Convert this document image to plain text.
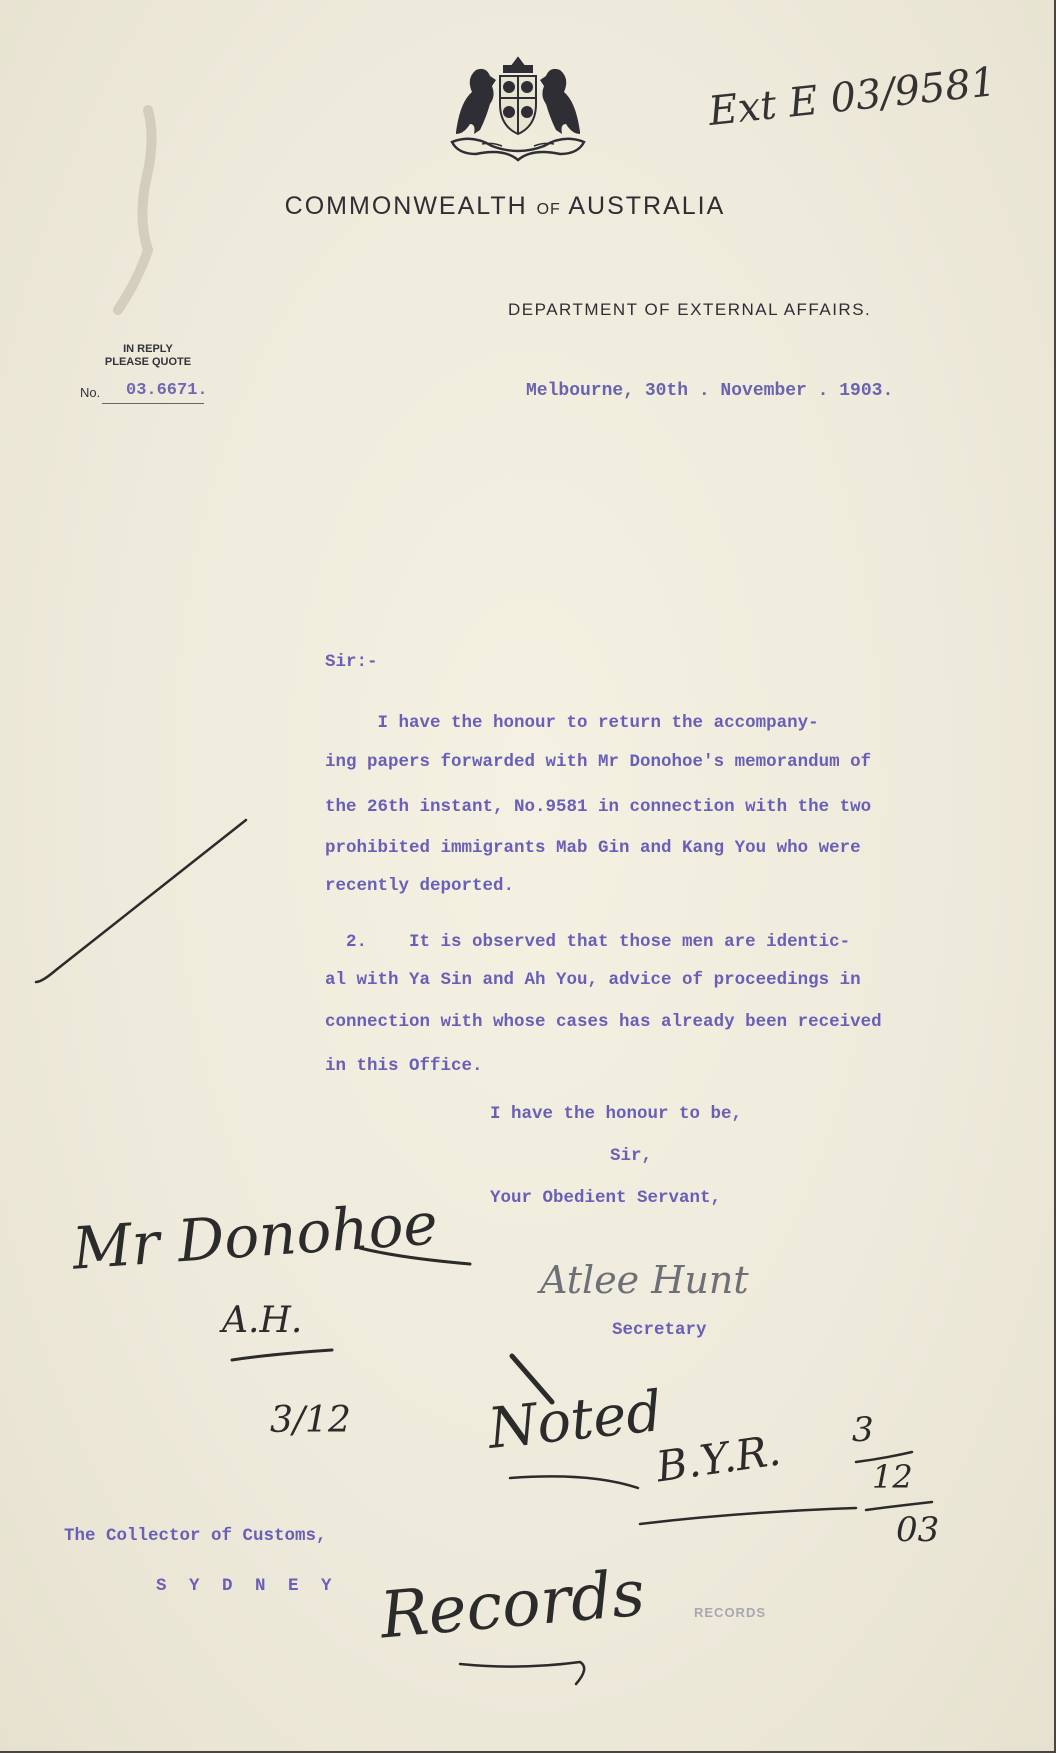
Ext E 03/9581
COMMONWEALTH OF AUSTRALIA
DEPARTMENT OF EXTERNAL AFFAIRS.
IN REPLY
PLEASE QUOTE
No. 03.6671.	Melbourne, 30th . November . 1903.
Sir:-
I have the honour to return the accompany-
ing papers forwarded with Mr Donohoe's memorandum of
the 26th instant, No.9581 in connection with the two
prohibited immigrants Mab Gin and Kang You who were
recently deported.
2.    It is observed that those men are identic-
al with Ya Sin and Ah You, advice of proceedings in
connection with whose cases has already been received
in this Office.
I have the honour to be,
Sir,
Your Obedient Servant,
Atlee Hunt
Secretary
Mr Donohoe
A.H.
3/12 Noted
B.Y.R. 3
12
03
The Collector of Customs,
S Y D N E Y Records	RECORDS
